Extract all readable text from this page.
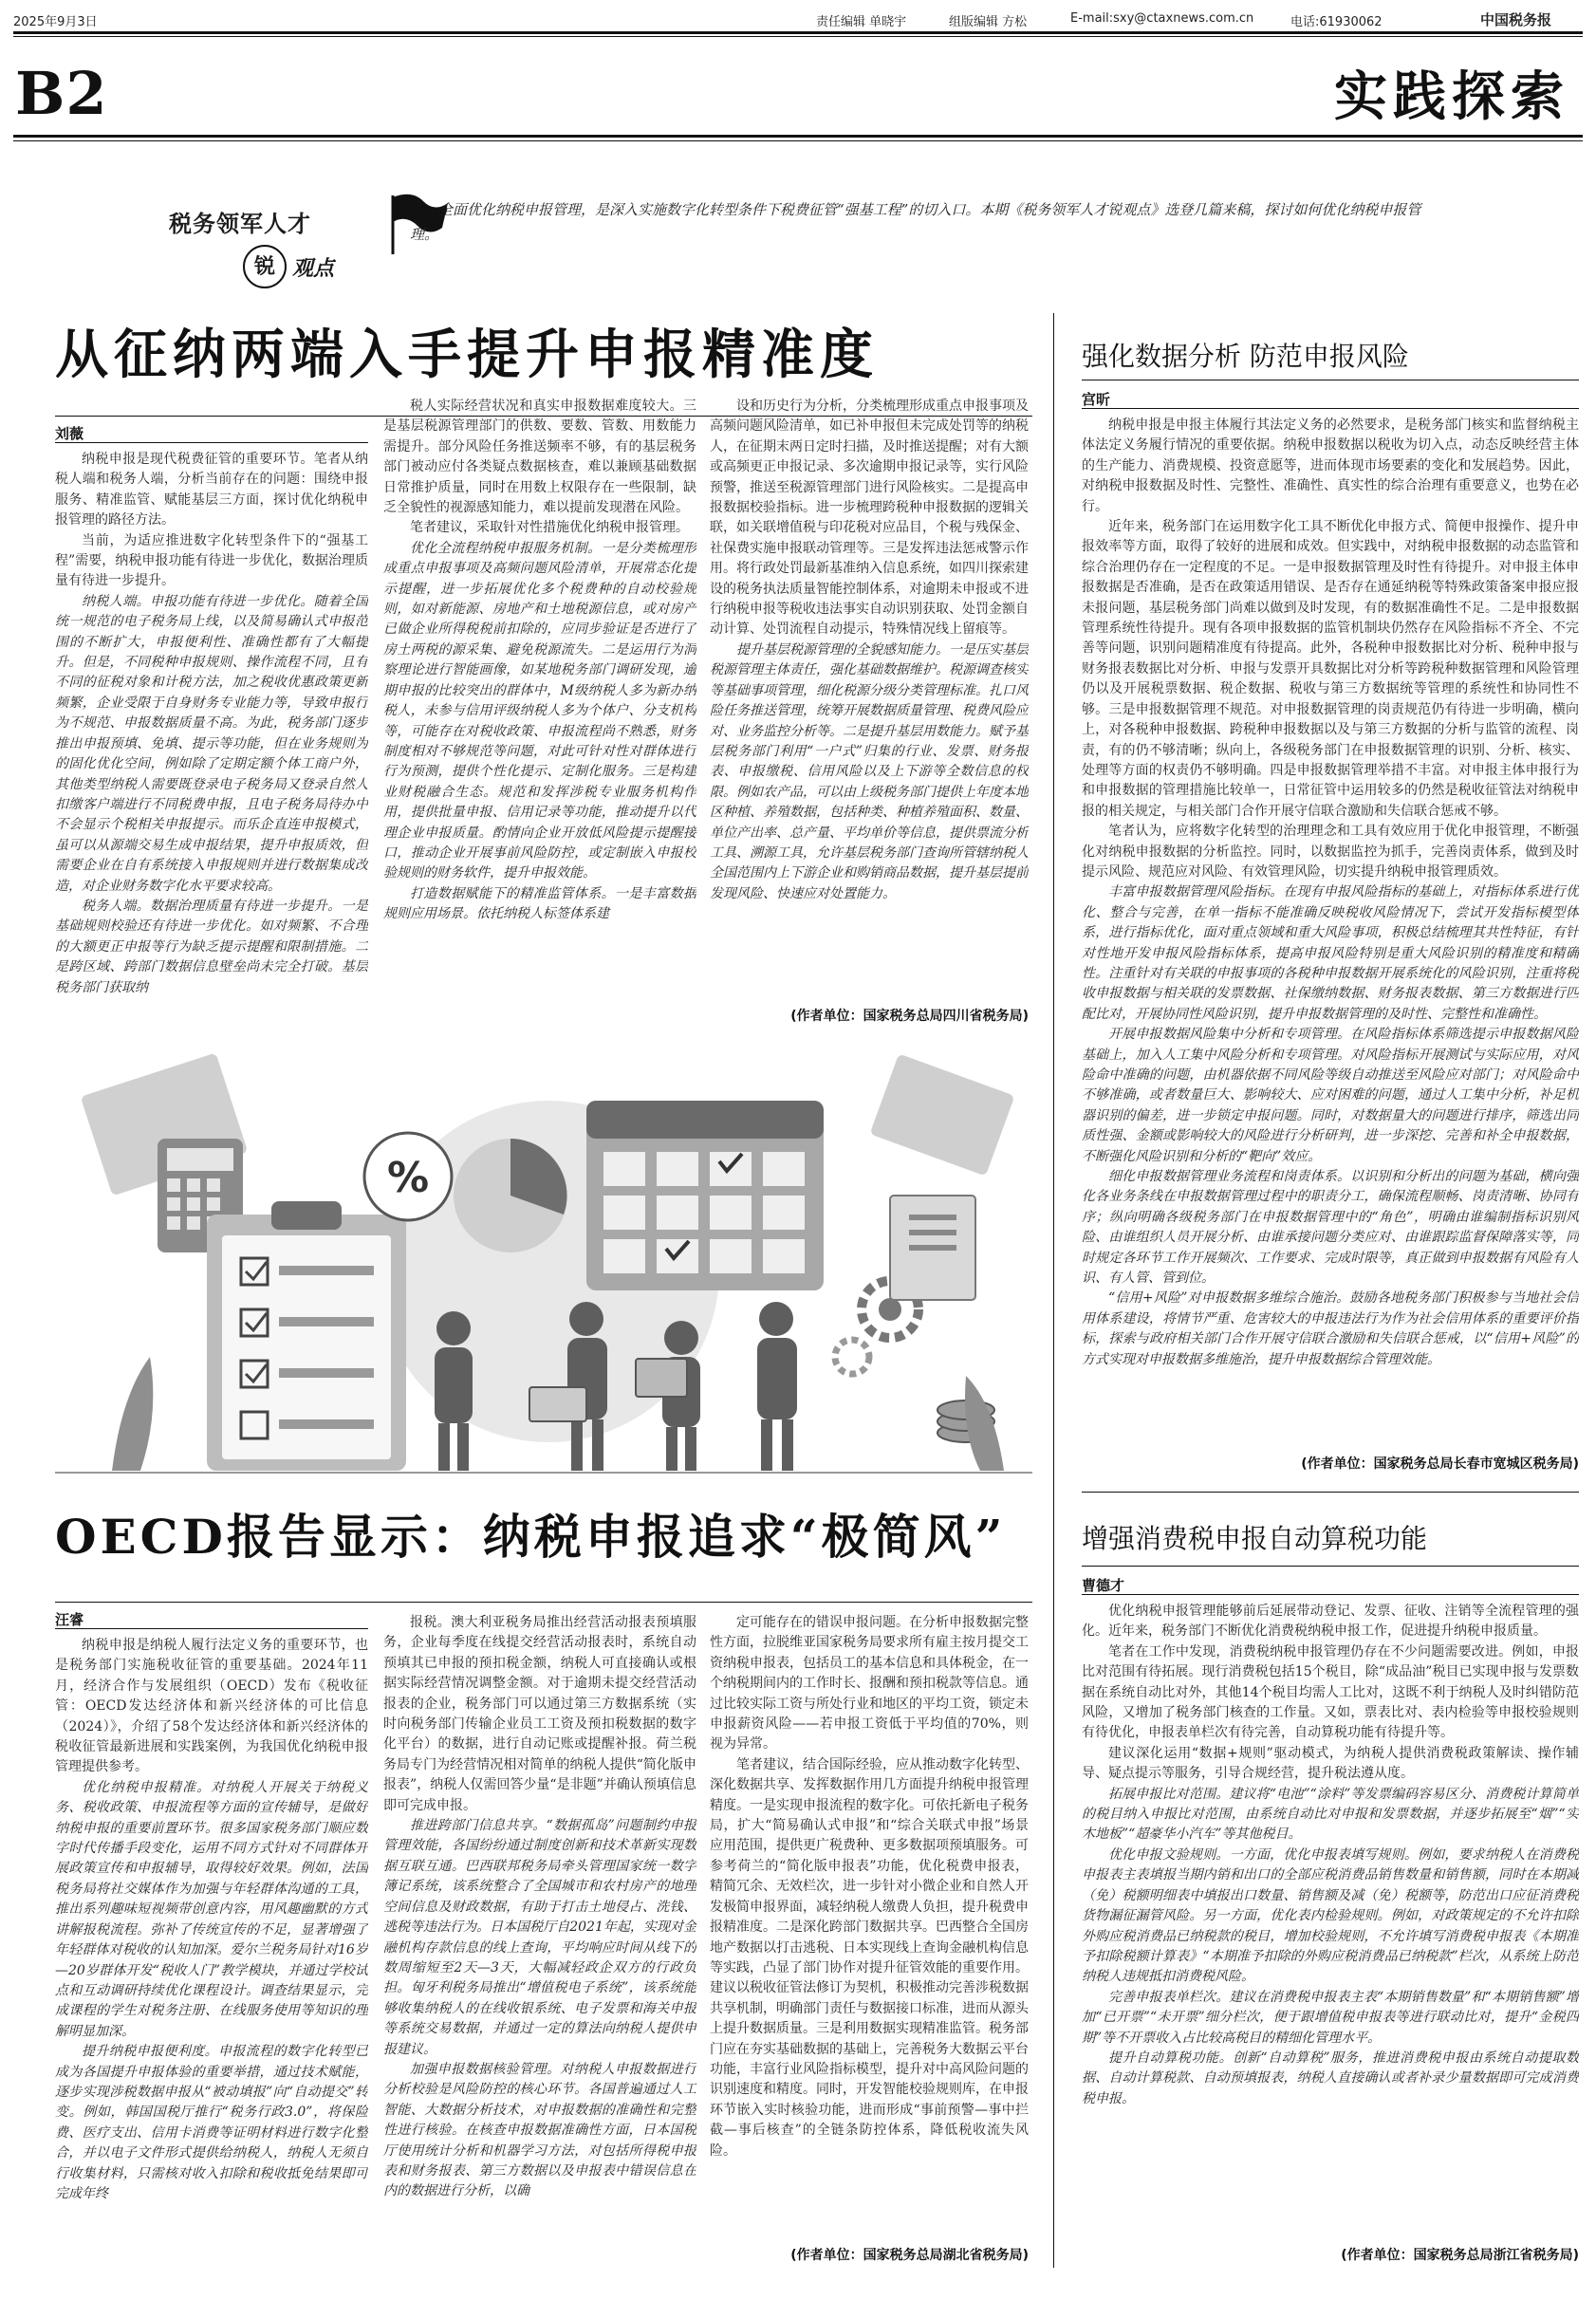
2025年9月3日	责任编辑 单晓宇	组版编辑 方松	E-mail:sxy@ctaxnews.com.cn	电话:61930062	中国税务报
B2	实践探索
税务领军人才
锐 观点
全面优化纳税申报管理，是深入实施数字化转型条件下税费征管“强基工程”的切入口。本期《税务领军人才锐观点》选登几篇来稿，探讨如何优化纳税申报管理。
从征纳两端入手提升申报精准度
刘薇

纳税申报是现代税费征管的重要环节。笔者从纳税人端和税务人端，分析当前存在的问题：围绕申报服务、精准监管、赋能基层三方面，探讨优化纳税申报管理的路径方法。

当前，为适应推进数字化转型条件下的“强基工程”需要，纳税申报功能有待进一步优化，数据治理质量有待进一步提升。

纳税人端。申报功能有待进一步优化。随着全国统一规范的电子税务局上线，以及简易确认式申报范围的不断扩大，申报便利性、准确性都有了大幅提升。但是，不同税种申报规则、操作流程不同，且有不同的征税对象和计税方法，加之税收优惠政策更新频繁，企业受限于自身财务专业能力等，导致申报行为不规范、申报数据质量不高。为此，税务部门逐步推出申报预填、免填、提示等功能，但在业务规则为的固化优化空间，例如除了定期定额个体工商户外，其他类型纳税人需要既登录电子税务局又登录自然人扣缴客户端进行不同税费申报，且电子税务局待办中不会显示个税相关申报提示。而乐企直连申报模式，虽可以从源端交易生成申报结果，提升申报质效，但需要企业在自有系统接入申报规则并进行数据集成改造，对企业财务数字化水平要求较高。

税务人端。数据治理质量有待进一步提升。一是基础规则校验还有待进一步优化。如对频繁、不合理的大额更正申报等行为缺乏提示提醒和限制措施。二是跨区域、跨部门数据信息壁垒尚未完全打破。基层税务部门获取纳

税人实际经营状况和真实申报数据难度较大。三是基层税源管理部门的供数、要数、管数、用数能力需提升。部分风险任务推送频率不够，有的基层税务部门被动应付各类疑点数据核查，难以兼顾基础数据日常推护质量，同时在用数上权限存在一些限制，缺乏全貌性的视源感知能力，难以提前发现潜在风险。

笔者建议，采取针对性措施优化纳税申报管理。

优化全流程纳税申报服务机制。一是分类梳理形成重点申报事项及高频问题风险清单，开展常态化提示提醒，进一步拓展优化多个税费种的自动校验规则，如对新能源、房地产和土地税源信息，或对房产已做企业所得税税前扣除的，应同步验证是否进行了房土两税的源采集、避免税源流失。二是运用行为洞察理论进行智能画像，如某地税务部门调研发现，逾期申报的比较突出的群体中，M级纳税人多为新办纳税人，未参与信用评级纳税人多为个体户、分支机构等，可能存在对税收政策、申报流程尚不熟悉，财务制度相对不够规范等问题，对此可针对性对群体进行行为预测，提供个性化提示、定制化服务。三是构建业财税融合生态。规范和发挥涉税专业服务机构作用，提供批量申报、信用记录等功能，推动提升以代理企业申报质量。酌情向企业开放低风险提示提醒接口，推动企业开展事前风险防控，或定制嵌入申报校验规则的财务软件，提升申报效能。

打造数据赋能下的精准监管体系。一是丰富数据规则应用场景。依托纳税人标签体系建

设和历史行为分析，分类梳理形成重点申报事项及高频问题风险清单，如已补申报但未完成处罚等的纳税人，在征期末两日定时扫描，及时推送提醒；对有大额或高频更正申报记录、多次逾期申报记录等，实行风险预警，推送至税源管理部门进行风险核实。二是提高申报数据校验指标。进一步梳理跨税种申报数据的逻辑关联，如关联增值税与印花税对应品目，个税与残保金、社保费实施申报联动管理等。三是发挥违法惩戒警示作用。将行政处罚最新基准纳入信息系统，如四川探索建设的税务执法质量智能控制体系，对逾期未申报或不进行纳税申报等税收违法事实自动识别获取、处罚金额自动计算、处罚流程自动提示，特殊情况线上留痕等。

提升基层税源管理的全貌感知能力。一是压实基层税源管理主体责任，强化基础数据维护。税源调查核实等基础事项管理，细化税源分级分类管理标准。扎口风险任务推送管理，统筹开展数据质量管理、税费风险应对、业务监控分析等。二是提升基层用数能力。赋予基层税务部门利用“一户式”归集的行业、发票、财务报表、申报缴税、信用风险以及上下游等全数信息的权限。例如农产品，可以由上级税务部门提供上年度本地区种植、养殖数据，包括种类、种植养殖面积、数量、单位产出率、总产量、平均单价等信息，提供票流分析工具、溯源工具，允许基层税务部门查询所管辖纳税人全国范围内上下游企业和购销商品数据，提升基层提前发现风险、快速应对处置能力。

(作者单位：国家税务总局四川省税务局)
强化数据分析 防范申报风险
宫昕

纳税申报是申报主体履行其法定义务的必然要求，是税务部门核实和监督纳税主体法定义务履行情况的重要依据。纳税申报数据以税收为切入点，动态反映经营主体的生产能力、消费规模、投资意愿等，进而体现市场要素的变化和发展趋势。因此，对纳税申报数据及时性、完整性、准确性、真实性的综合治理有重要意义，也势在必行。

近年来，税务部门在运用数字化工具不断优化申报方式、简便申报操作、提升申报效率等方面，取得了较好的进展和成效。但实践中，对纳税申报数据的动态监管和综合治理仍存在一定程度的不足。一是申报数据管理及时性有待提升。对申报主体申报数据是否准确，是否在政策适用错误、是否存在通延纳税等特殊政策备案申报应报未报问题，基层税务部门尚难以做到及时发现，有的数据准确性不足。二是申报数据管理系统性待提升。现有各项申报数据的监管机制块仍然存在风险指标不齐全、不完善等问题，识别问题精准度有待提高。此外，各税种申报数据比对分析、税种申报与财务报表数据比对分析、申报与发票开具数据比对分析等跨税种数据管理和风险管理仍以及开展税票数据、税企数据、税收与第三方数据统等管理的系统性和协同性不够。三是申报数据管理不规范。对申报数据管理的岗责规范仍有待进一步明确，横向上，对各税种申报数据、跨税种申报数据以及与第三方数据的分析与监管的流程、岗责，有的仍不够清晰；纵向上，各级税务部门在申报数据管理的识别、分析、核实、处理等方面的权责仍不够明确。四是申报数据管理举措不丰富。对申报主体申报行为和申报数据的管理措施比较单一，日常征管中运用较多的仍然是税收征管法对纳税申报的相关规定，与相关部门合作开展守信联合激励和失信联合惩戒不够。

笔者认为，应将数字化转型的治理理念和工具有效应用于优化申报管理，不断强化对纳税申报数据的分析监控。同时，以数据监控为抓手，完善岗责体系，做到及时提示风险、规范应对风险、有效管理风险，切实提升纳税申报管理质效。

丰富申报数据管理风险指标。在现有申报风险指标的基础上，对指标体系进行优化、整合与完善，在单一指标不能准确反映税收风险情况下，尝试开发指标模型体系，进行指标优化，面对重点领域和重大风险事项，积极总结梳理其共性特征，有针对性地开发申报风险指标体系，提高申报风险特别是重大风险识别的精准度和精确性。注重针对有关联的申报事项的各税种申报数据开展系统化的风险识别，注重将税收申报数据与相关联的发票数据、社保缴纳数据、财务报表数据、第三方数据进行匹配比对，开展协同性风险识别，提升申报数据管理的及时性、完整性和准确性。

开展申报数据风险集中分析和专项管理。在风险指标体系筛选提示申报数据风险基础上，加入人工集中风险分析和专项管理。对风险指标开展测试与实际应用，对风险命中准确的问题，由机器依据不同风险等级自动推送至风险应对部门；对风险命中不够准确，或者数量巨大、影响较大、应对困难的问题，通过人工集中分析，补足机器识别的偏差，进一步锁定申报问题。同时，对数据量大的问题进行排序，筛选出同质性强、金额或影响较大的风险进行分析研判，进一步深挖、完善和补全申报数据，不断强化风险识别和分析的“靶向”效应。

细化申报数据管理业务流程和岗责体系。以识别和分析出的问题为基础，横向强化各业务条线在申报数据管理过程中的职责分工，确保流程顺畅、岗责清晰、协同有序；纵向明确各级税务部门在申报数据管理中的“角色”，明确由谁编制指标识别风险、由谁组织人员开展分析、由谁承接问题分类应对、由谁跟踪监督保障落实等，同时规定各环节工作开展频次、工作要求、完成时限等，真正做到申报数据有风险有人识、有人管、管到位。

“信用+风险”对申报数据多维综合施治。鼓励各地税务部门积极参与当地社会信用体系建设，将情节严重、危害较大的申报违法行为作为社会信用体系的重要评价指标，探索与政府相关部门合作开展守信联合激励和失信联合惩戒，以“信用+风险”的方式实现对申报数据多维施治，提升申报数据综合管理效能。

(作者单位：国家税务总局长春市宽城区税务局)
%
OECD报告显示：纳税申报追求“极简风”
汪睿

纳税申报是纳税人履行法定义务的重要环节，也是税务部门实施税收征管的重要基础。2024年11月，经济合作与发展组织（OECD）发布《税收征管：OECD发达经济体和新兴经济体的可比信息（2024）》，介绍了58个发达经济体和新兴经济体的税收征管最新进展和实践案例，为我国优化纳税申报管理提供参考。

优化纳税申报精准。对纳税人开展关于纳税义务、税收政策、申报流程等方面的宣传辅导，是做好纳税申报的重要前置环节。很多国家税务部门顺应数字时代传播手段变化，运用不同方式针对不同群体开展政策宣传和申报辅导，取得较好效果。例如，法国税务局将社交媒体作为加强与年轻群体沟通的工具，推出系列趣味短视频带创意内容，用风趣幽默的方式讲解报税流程。弥补了传统宣传的不足，显著增强了年轻群体对税收的认知加深。爱尔兰税务局针对16岁—20岁群体开发“税收人门”教学模块，并通过学校试点和互动调研持续优化课程设计。调查结果显示，完成课程的学生对税务注册、在线服务使用等知识的理解明显加深。

提升纳税申报便利度。申报流程的数字化转型已成为各国提升申报体验的重要举措，通过技术赋能，逐步实现涉税数据申报从“被动填报”向“自动提交”转变。例如，韩国国税厅推行“税务行政3.0”，将保险费、医疗支出、信用卡消费等证明材料进行数字化整合，并以电子文件形式提供给纳税人，纳税人无须自行收集材料，只需核对收入扣除和税收抵免结果即可完成年终

报税。澳大利亚税务局推出经营活动报表预填服务，企业每季度在线提交经营活动报表时，系统自动预填其已申报的预扣税金额，纳税人可直接确认或根据实际经营情况调整金额。对于逾期未提交经营活动报表的企业，税务部门可以通过第三方数据系统（实时向税务部门传输企业员工工资及预扣税数据的数字化平台）的数据，进行自动记账或提醒补报。荷兰税务局专门为经营情况相对简单的纳税人提供“简化版申报表”，纳税人仅需回答少量“是非题”并确认预填信息即可完成申报。

推进跨部门信息共享。“数据孤岛”问题制约申报管理效能，各国纷纷通过制度创新和技术革新实现数据互联互通。巴西联邦税务局牵头管理国家统一数字簿记系统，该系统整合了全国城市和农村房产的地理空间信息及财政数据，有助于打击土地侵占、洗钱、逃税等违法行为。日本国税厅自2021年起，实现对金融机构存款信息的线上查询，平均响应时间从线下的数周缩短至2天—3天，大幅减轻政企双方的行政负担。匈牙利税务局推出“增值税电子系统”，该系统能够收集纳税人的在线收银系统、电子发票和海关申报等系统交易数据，并通过一定的算法向纳税人提供申报建议。

加强申报数据核验管理。对纳税人申报数据进行分析校验是风险防控的核心环节。各国普遍通过人工智能、大数据分析技术，对申报数据的准确性和完整性进行核验。在核查申报数据准确性方面，日本国税厅使用统计分析和机器学习方法，对包括所得税申报表和财务报表、第三方数据以及申报表中错误信息在内的数据进行分析，以确

定可能存在的错误申报问题。在分析申报数据完整性方面，拉脱维亚国家税务局要求所有雇主按月提交工资纳税申报表，包括员工的基本信息和具体税金，在一个纳税期间内的工作时长、报酬和预扣税款等信息。通过比较实际工资与所处行业和地区的平均工资，锁定未申报薪资风险——若申报工资低于平均值的70%，则视为异常。

笔者建议，结合国际经验，应从推动数字化转型、深化数据共享、发挥数据作用几方面提升纳税申报管理精度。一是实现申报流程的数字化。可依托新电子税务局，扩大“简易确认式申报”和“综合关联式申报”场景应用范围，提供更广税费种、更多数据项预填服务。可参考荷兰的“简化版申报表”功能，优化税费申报表，精简冗余、无效栏次，进一步针对小微企业和自然人开发极简申报界面，减轻纳税人缴费人负担，提升税费申报精准度。二是深化跨部门数据共享。巴西整合全国房地产数据以打击逃税、日本实现线上查询金融机构信息等实践，凸显了部门协作对提升征管效能的重要作用。建议以税收征管法修订为契机，积极推动完善涉税数据共享机制，明确部门责任与数据接口标准，进而从源头上提升数据质量。三是利用数据实现精准监管。税务部门应在夯实基础数据的基础上，完善税务大数据云平台功能，丰富行业风险指标模型，提升对中高风险问题的识别速度和精度。同时，开发智能校验规则库，在申报环节嵌入实时核验功能，进而形成“事前预警—事中拦截—事后核查”的全链条防控体系，降低税收流失风险。

(作者单位：国家税务总局湖北省税务局)
增强消费税申报自动算税功能
曹德才

优化纳税申报管理能够前后延展带动登记、发票、征收、注销等全流程管理的强化。近年来，税务部门不断优化消费税纳税申报工作，促进提升纳税申报质量。

笔者在工作中发现，消费税纳税申报管理仍存在不少问题需要改进。例如，申报比对范围有待拓展。现行消费税包括15个税目，除“成品油”税目已实现申报与发票数据在系统自动比对外，其他14个税目均需人工比对，这既不利于纳税人及时纠错防范风险，又增加了税务部门核查的工作量。又如，票表比对、表内检验等申报校验规则有待优化，申报表单栏次有待完善，自动算税功能有待提升等。

建议深化运用“数据+规则”驱动模式，为纳税人提供消费税政策解读、操作辅导、疑点提示等服务，引导合规经营，提升税法遵从度。

拓展申报比对范围。建议将“电池”“涂料”等发票编码容易区分、消费税计算简单的税目纳入申报比对范围，由系统自动比对申报和发票数据，并逐步拓展至“烟”“实木地板”“超豪华小汽车”等其他税目。

优化申报文验规则。一方面，优化申报表填写规则。例如，要求纳税人在消费税申报表主表填报当期内销和出口的全部应税消费品销售数量和销售额，同时在本期减（免）税额明细表中填报出口数量、销售额及减（免）税额等，防范出口应征消费税货物漏征漏管风险。另一方面，优化表内检验规则。例如，对政策规定的不允许扣除外购应税消费品已纳税款的税目，增加校验规则，不允许填写消费税申报表《本期准予扣除税额计算表》“本期准予扣除的外购应税消费品已纳税款”栏次，从系统上防范纳税人违规抵扣消费税风险。

完善申报表单栏次。建议在消费税申报表主表“本期销售数量”和“本期销售额”增加“已开票”“未开票”细分栏次，便于跟增值税申报表等进行联动比对，提升“金税四期”等不开票收入占比较高税目的精细化管理水平。

提升自动算税功能。创新“自动算税”服务，推进消费税申报由系统自动提取数据、自动计算税款、自动预填报表，纳税人直接确认或者补录少量数据即可完成消费税申报。

(作者单位：国家税务总局浙江省税务局)
